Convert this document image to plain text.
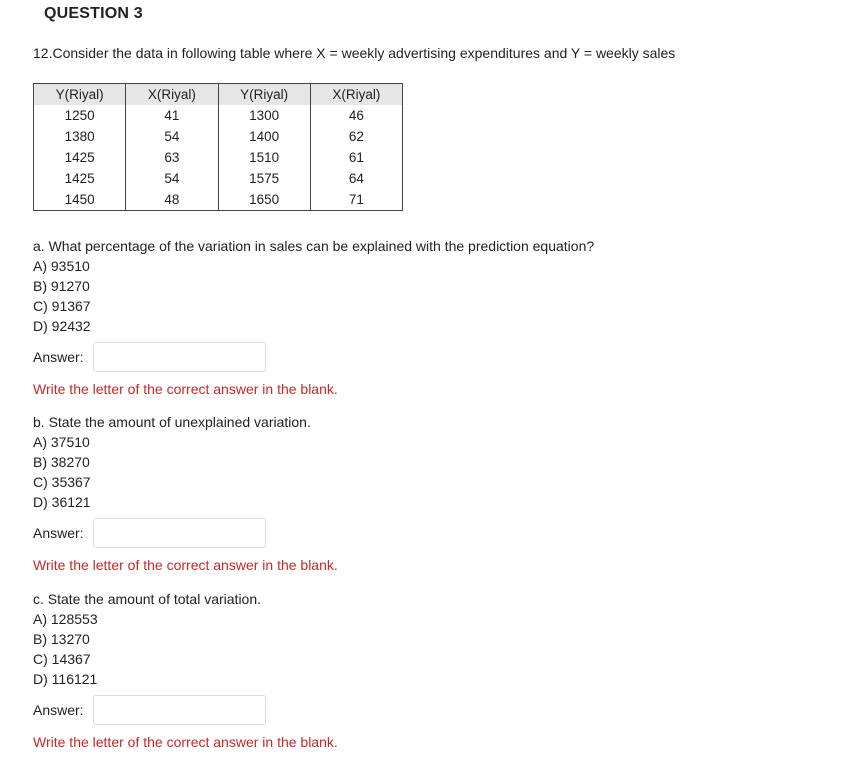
QUESTION 3
12.Consider the data in following table where X = weekly advertising expenditures and Y = weekly sales
Y(Riyal)	X(Riyal)	Y(Riyal)	X(Riyal)
1250	41	1300	46
1380	54	1400	62
1425	63	1510	61
1425	54	1575	64
1450	48	1650	71
a. What percentage of the variation in sales can be explained with the prediction equation?
A) 93510
B) 91270
C) 91367
D) 92432
Answer:
Write the letter of the correct answer in the blank.
b. State the amount of unexplained variation.
A) 37510
B) 38270
C) 35367
D) 36121
Answer:
Write the letter of the correct answer in the blank.
c. State the amount of total variation.
A) 128553
B) 13270
C) 14367
D) 116121
Answer:
Write the letter of the correct answer in the blank.
